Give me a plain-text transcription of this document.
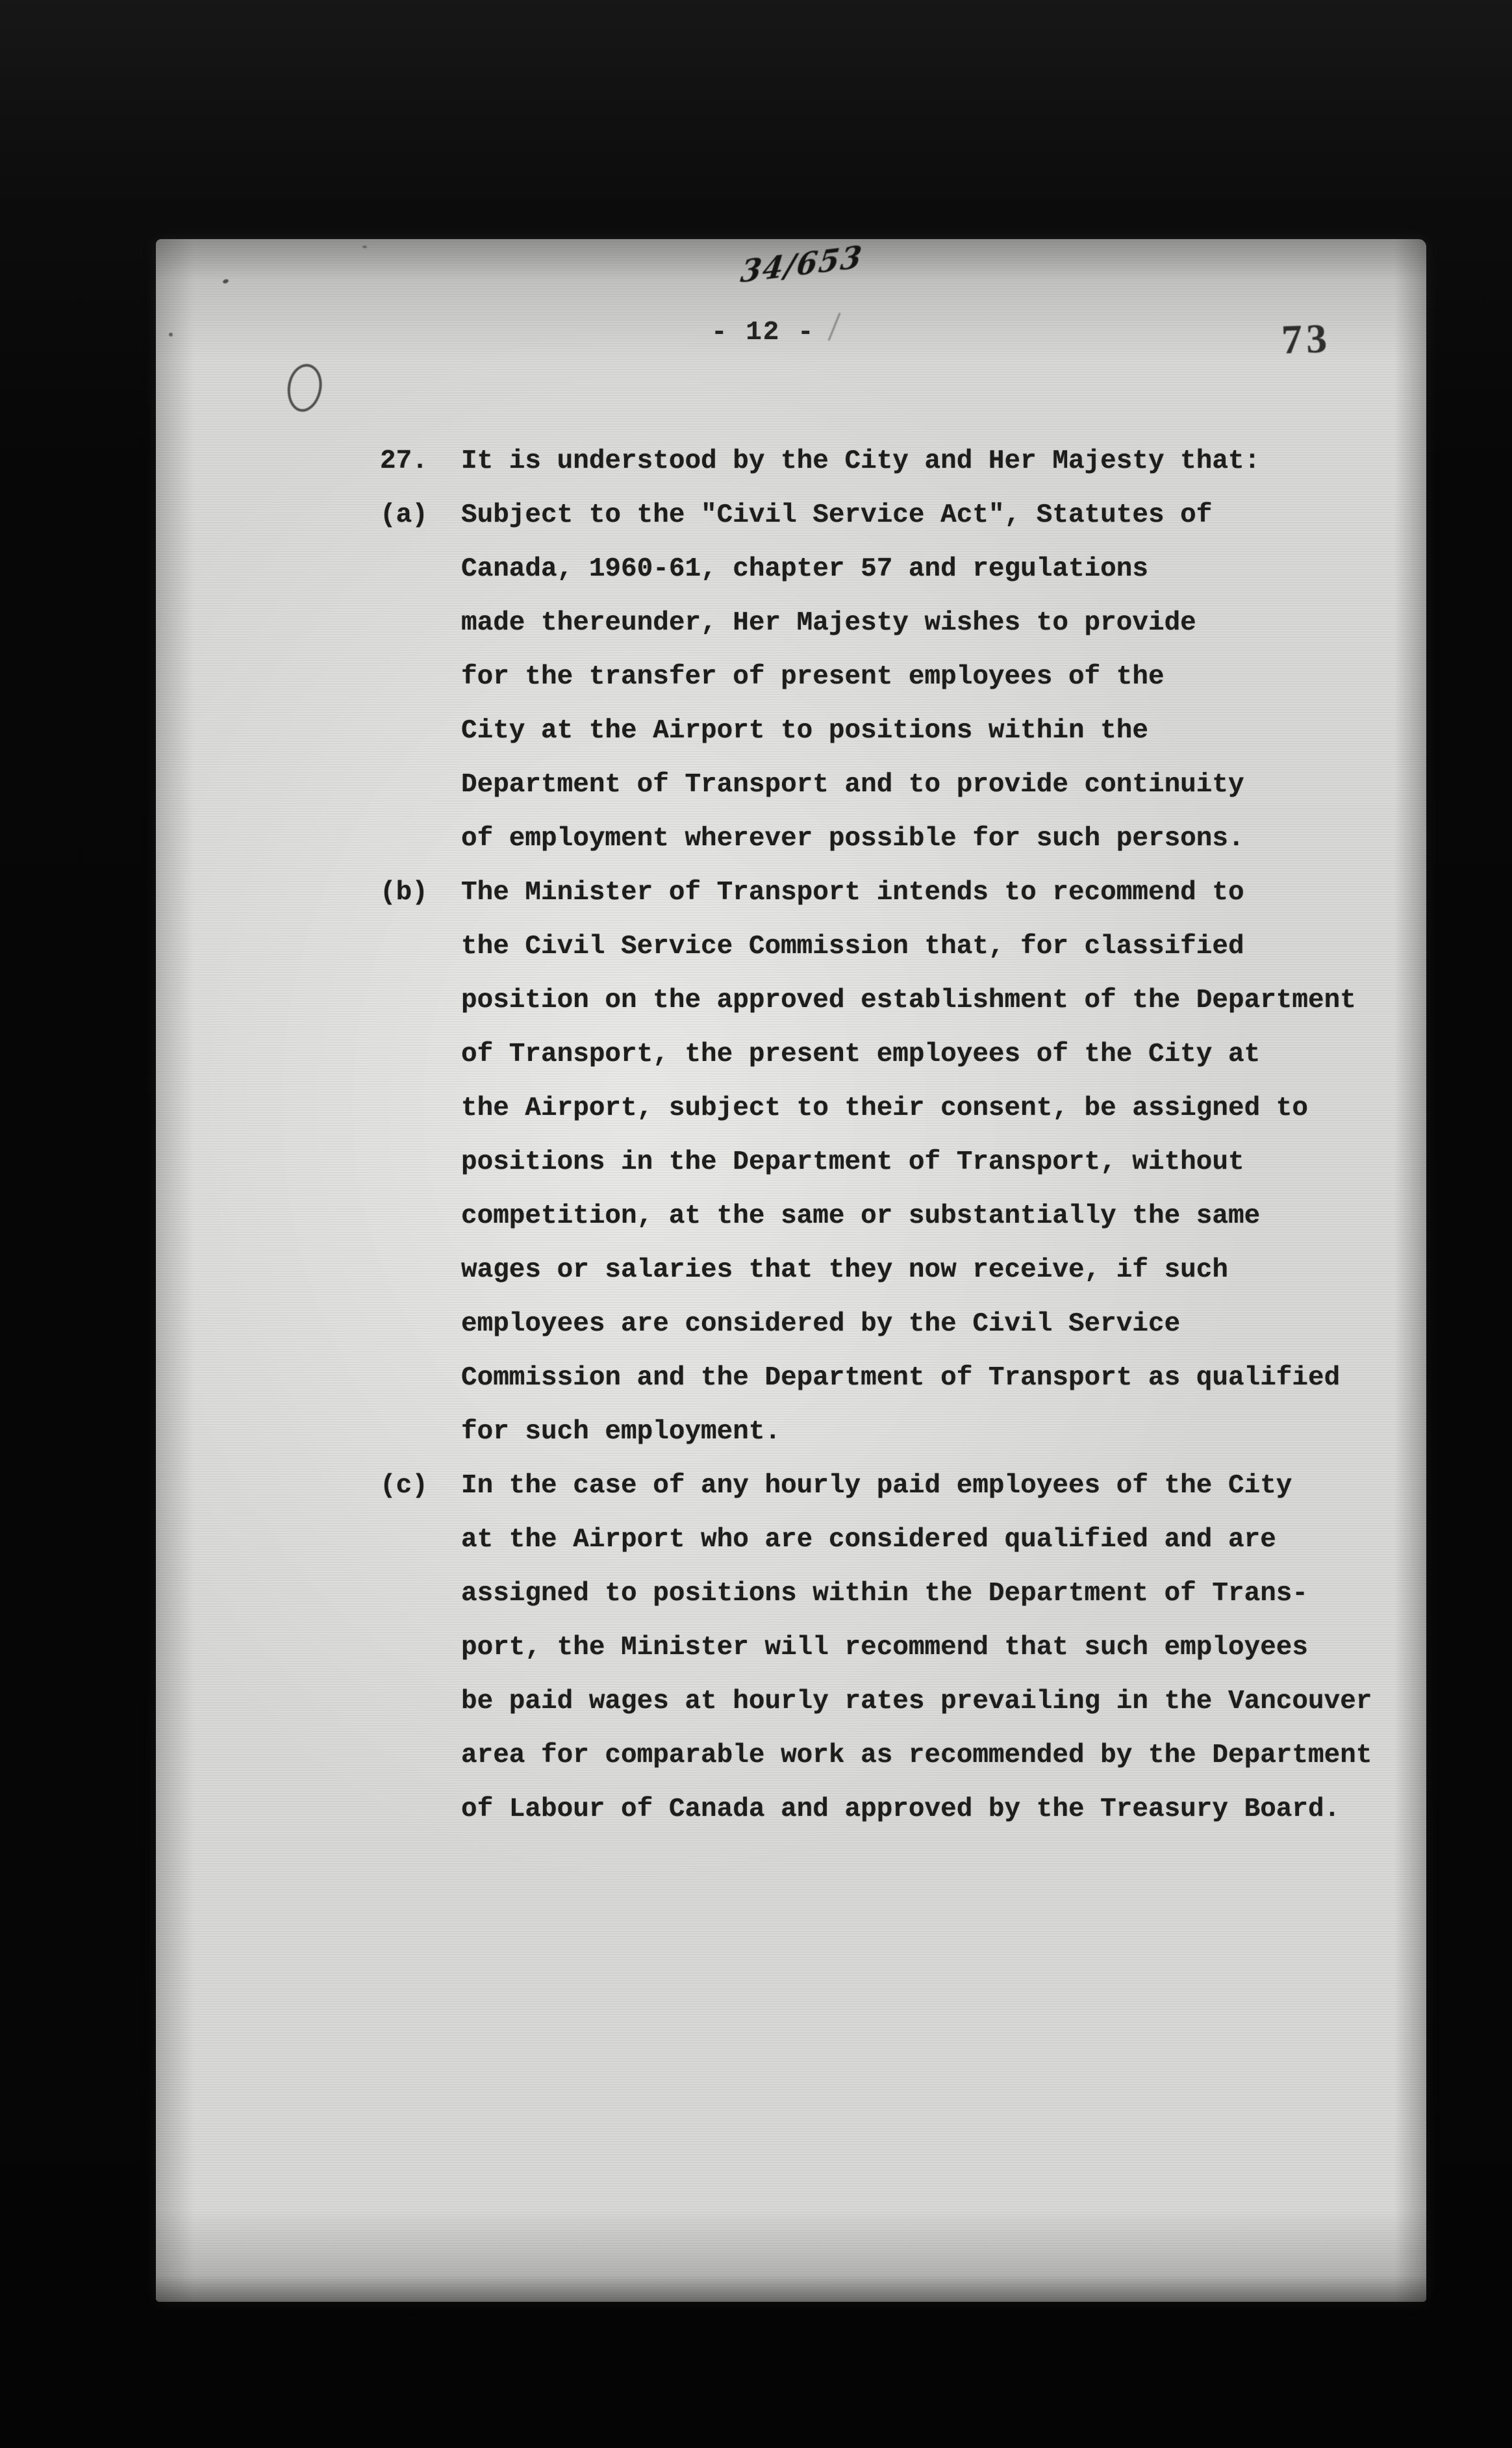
34/653
- 12 -	73
27. It is understood by the City and Her Majesty that:
(a) Subject to the "Civil Service Act", Statutes of
Canada, 1960-61, chapter 57 and regulations
made thereunder, Her Majesty wishes to provide
for the transfer of present employees of the
City at the Airport to positions within the
Department of Transport and to provide continuity
of employment wherever possible for such persons.
(b) The Minister of Transport intends to recommend to
the Civil Service Commission that, for classified
position on the approved establishment of the Department
of Transport, the present employees of the City at
the Airport, subject to their consent, be assigned to
positions in the Department of Transport, without
competition, at the same or substantially the same
wages or salaries that they now receive, if such
employees are considered by the Civil Service
Commission and the Department of Transport as qualified
for such employment.
(c) In the case of any hourly paid employees of the City
at the Airport who are considered qualified and are
assigned to positions within the Department of Trans-
port, the Minister will recommend that such employees
be paid wages at hourly rates prevailing in the Vancouver
area for comparable work as recommended by the Department
of Labour of Canada and approved by the Treasury Board.
